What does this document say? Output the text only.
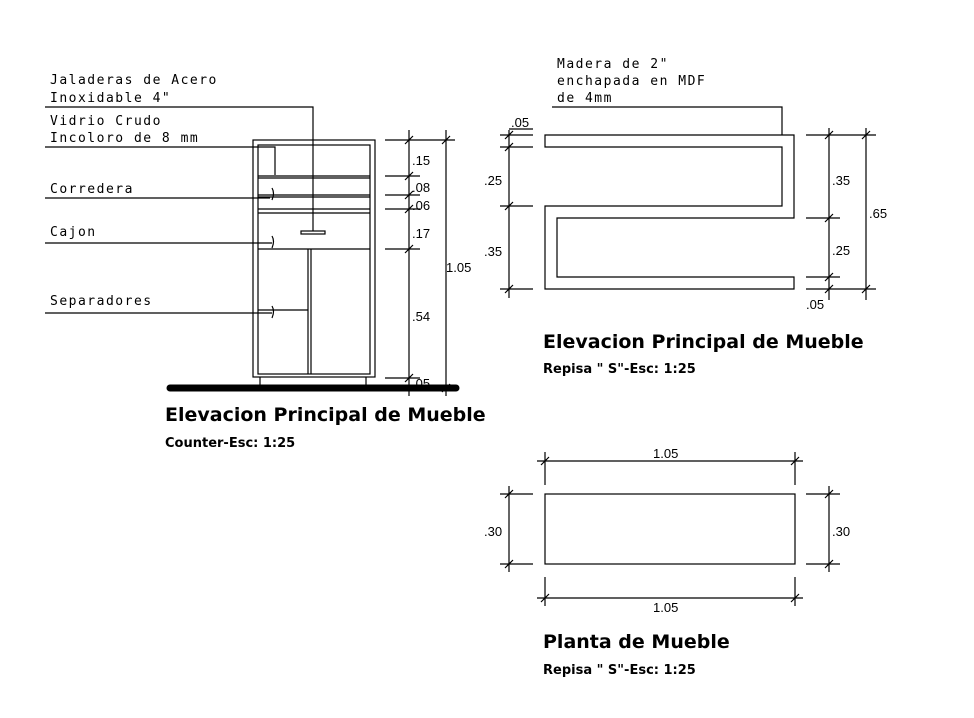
Jaladeras de Acero
Inoxidable 4"
Vidrio Crudo
Incoloro de 8 mm
Corredera
Cajon
Separadores
.15
.08
.06
.17
.54
.05
1.05
Elevacion Principal de Mueble
Counter-Esc: 1:25
Madera de 2"
enchapada en MDF
de 4mm
.05
.25
.35
.35
.25
.65
.05
Elevacion Principal de Mueble
Repisa " S"-Esc: 1:25
1.05
1.05
.30	.30
Planta de Mueble
Repisa " S"-Esc: 1:25
